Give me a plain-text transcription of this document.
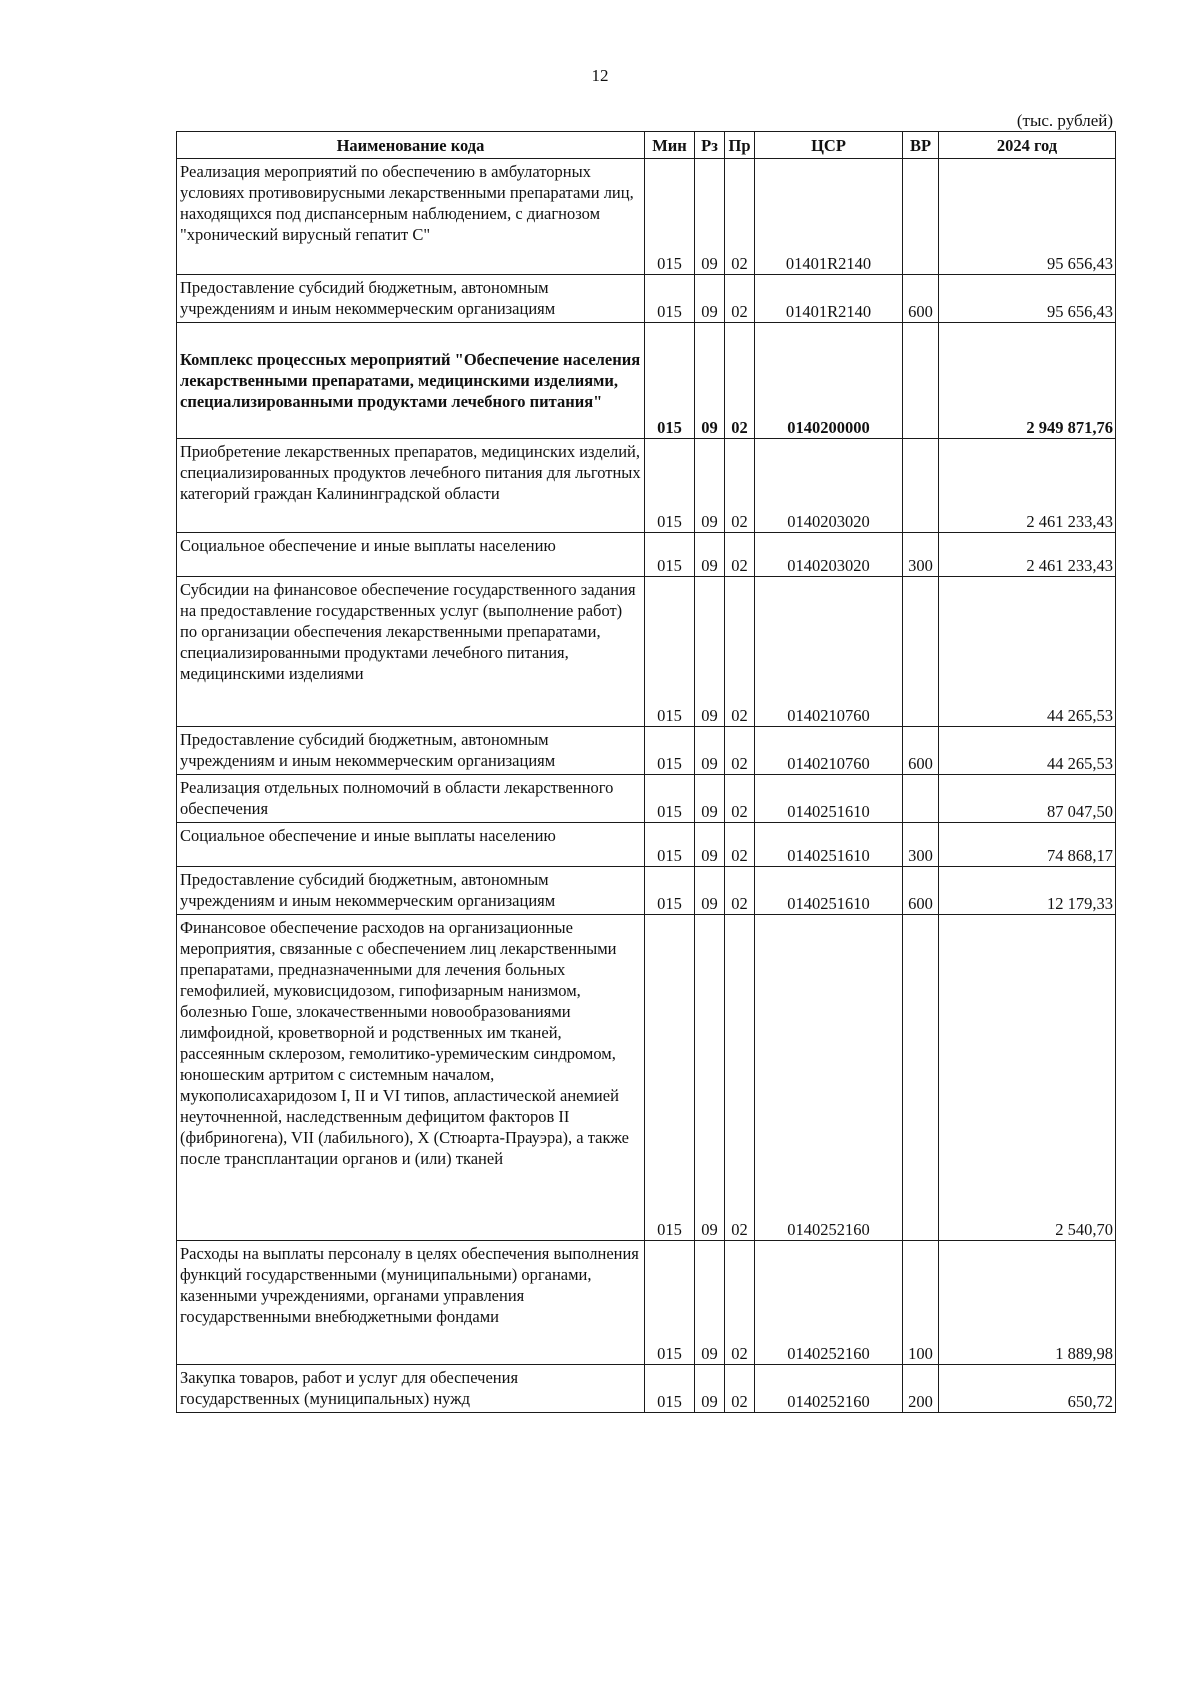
12
(тыс. рублей)
Наименование кода	Мин	Рз	Пр	ЦСР	ВР	2024 год
Реализация мероприятий по обеспечению в амбулаторных условиях противовирусными лекарственными препаратами лиц, находящихся под диспансерным наблюдением, с диагнозом "хронический вирусный гепатит С"	015	09	02	01401R2140		95 656,43
Предоставление субсидий бюджетным, автономным учреждениям и иным некоммерческим организациям	015	09	02	01401R2140	600	95 656,43
Комплекс процессных мероприятий "Обеспечение населения лекарственными препаратами, медицинскими изделиями, специализированными продуктами лечебного питания"	015	09	02	0140200000		2 949 871,76
Приобретение лекарственных препаратов, медицинских изделий, специализированных продуктов лечебного питания для льготных категорий граждан Калининградской области	015	09	02	0140203020		2 461 233,43
Социальное обеспечение и иные выплаты населению	015	09	02	0140203020	300	2 461 233,43
Субсидии на финансовое обеспечение государственного задания на предоставление государственных услуг (выполнение работ) по организации обеспечения лекарственными препаратами, специализированными продуктами лечебного питания, медицинскими изделиями	015	09	02	0140210760		44 265,53
Предоставление субсидий бюджетным, автономным учреждениям и иным некоммерческим организациям	015	09	02	0140210760	600	44 265,53
Реализация отдельных полномочий в области лекарственного обеспечения	015	09	02	0140251610		87 047,50
Социальное обеспечение и иные выплаты населению	015	09	02	0140251610	300	74 868,17
Предоставление субсидий бюджетным, автономным учреждениям и иным некоммерческим организациям	015	09	02	0140251610	600	12 179,33
Финансовое обеспечение расходов на организационные мероприятия, связанные с обеспечением лиц лекарственными препаратами, предназначенными для лечения больных гемофилией, муковисцидозом, гипофизарным нанизмом, болезнью Гоше, злокачественными новообразованиями лимфоидной, кроветворной и родственных им тканей, рассеянным склерозом, гемолитико-уремическим синдромом, юношеским артритом с системным началом, мукополисахаридозом I, II и VI типов, апластической анемией неуточненной, наследственным дефицитом факторов II (фибриногена), VII (лабильного), X (Стюарта-Прауэра), а также после трансплантации органов и (или) тканей	015	09	02	0140252160		2 540,70
Расходы на выплаты персоналу в целях обеспечения выполнения функций государственными (муниципальными) органами, казенными учреждениями, органами управления государственными внебюджетными фондами	015	09	02	0140252160	100	1 889,98
Закупка товаров, работ и услуг для обеспечения государственных (муниципальных) нужд	015	09	02	0140252160	200	650,72
